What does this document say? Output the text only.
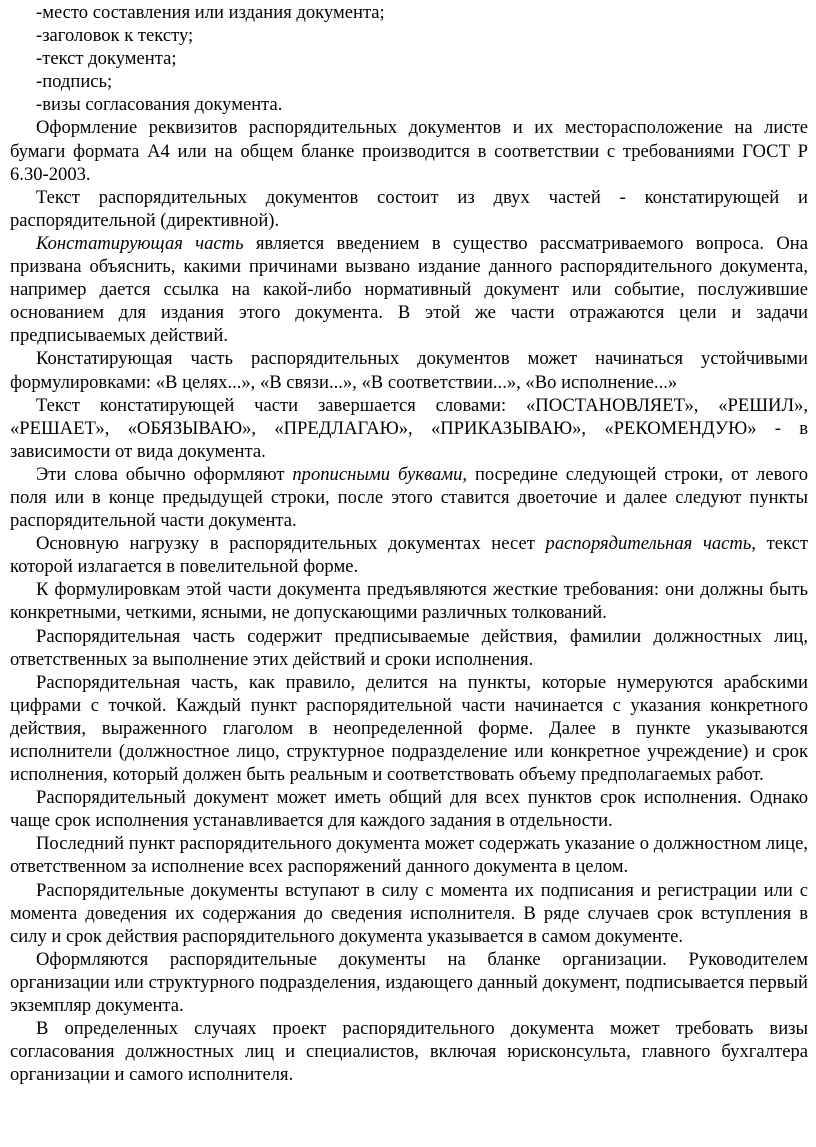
-место составления или издания документа;

-заголовок к тексту;

-текст документа;

-подпись;

-визы согласования документа.

Оформление реквизитов распорядительных документов и их месторасположение на листе бумаги формата А4 или на общем бланке производится в соответствии с требованиями ГОСТ Р 6.30-2003.

Текст распорядительных документов состоит из двух частей - констатирующей и распорядительной (директивной).

Констатирующая часть является введением в существо рассматриваемого вопроса. Она призвана объяснить, какими причинами вызвано издание данного распорядительного документа, например дается ссылка на какой-либо нормативный документ или событие, послужившие основанием для издания этого документа. В этой же части отражаются цели и задачи предписываемых действий.

Констатирующая часть распорядительных документов может начинаться устойчивыми формулировками: «В целях...», «В связи...», «В соответствии...», «Во исполнение...»

Текст констатирующей части завершается словами: «ПОСТАНОВЛЯЕТ», «РЕШИЛ», «РЕШАЕТ», «ОБЯЗЫВАЮ», «ПРЕДЛАГАЮ», «ПРИКАЗЫВАЮ», «РЕКОМЕНДУЮ» - в зависимости от вида документа.

Эти слова обычно оформляют прописными буквами, посредине следующей строки, от левого поля или в конце предыдущей строки, после этого ставится двоеточие и далее следуют пункты распорядительной части документа.

Основную нагрузку в распорядительных документах несет распорядительная часть, текст которой излагается в повелительной форме.

К формулировкам этой части документа предъявляются жесткие требования: они должны быть конкретными, четкими, ясными, не допускающими различных толкований.

Распорядительная часть содержит предписываемые действия, фамилии должностных лиц, ответственных за выполнение этих действий и сроки исполнения.

Распорядительная часть, как правило, делится на пункты, которые нумеруются арабскими цифрами с точкой. Каждый пункт распорядительной части начинается с указания конкретного действия, выраженного глаголом в неопределенной форме. Далее в пункте указываются исполнители (должностное лицо, структурное подразделение или конкретное учреждение) и срок исполнения, который должен быть реальным и соответствовать объему предполагаемых работ.

Распорядительный документ может иметь общий для всех пунктов срок исполнения. Однако чаще срок исполнения устанавливается для каждого задания в отдельности.

Последний пункт распорядительного документа может содержать указание о должностном лице, ответственном за исполнение всех распоряжений данного документа в целом.

Распорядительные документы вступают в силу с момента их подписания и регистрации или с момента доведения их содержания до сведения исполнителя. В ряде случаев срок вступления в силу и срок действия распорядительного документа указывается в самом документе.

Оформляются распорядительные документы на бланке организации. Руководителем организации или структурного подразделения, издающего данный документ, подписывается первый экземпляр документа.

В определенных случаях проект распорядительного документа может требовать визы согласования должностных лиц и специалистов, включая юрисконсульта, главного бухгалтера организации и самого исполнителя.
